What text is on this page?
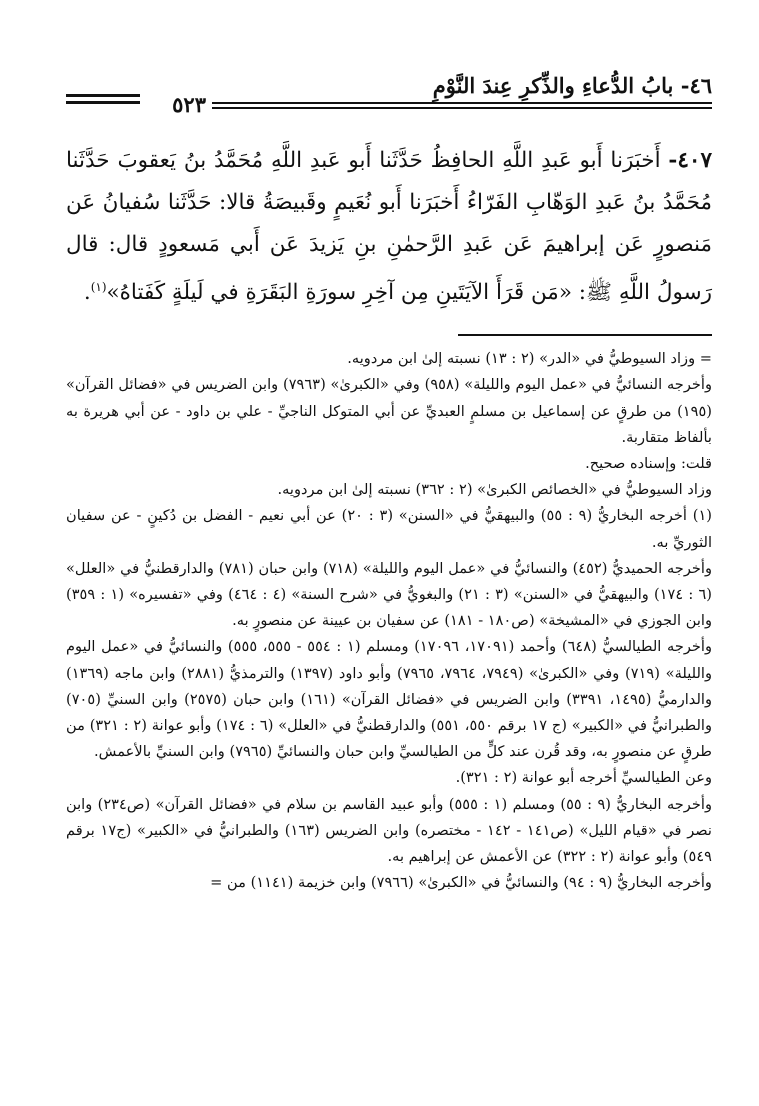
٤٦- بابُ الدُّعاءِ والذِّكرِ عِندَ النَّوْمِ
٥٢٣
٤٠٧- أَخبَرَنا أَبو عَبدِ اللَّهِ الحافِظُ حَدَّثَنا أَبو عَبدِ اللَّهِ مُحَمَّدُ بنُ يَعقوبَ حَدَّثَنا مُحَمَّدُ بنُ عَبدِ الوَهّابِ الفَرّاءُ أَخبَرَنا أَبو نُعَيمٍ وقَبيصَةُ قالا: حَدَّثَنا سُفيانُ عَن مَنصورٍ عَن إبراهيمَ عَن عَبدِ الرَّحمٰنِ بنِ يَزيدَ عَن أَبي مَسعودٍ قال: قال رَسولُ اللَّهِ ﷺ: «مَن قَرَأَ الآيَتَينِ مِن آخِرِ سورَةِ البَقَرَةِ في لَيلَةٍ كَفَتاهُ»$^{(١)}$.

= وزاد السيوطيُّ في «الدر» (٢ : ١٣) نسبته إلىٰ ابن مردويه.

وأخرجه النسائيُّ في «عمل اليوم والليلة» (٩٥٨) وفي «الكبرىٰ» (٧٩٦٣) وابن الضريس في «فضائل القرآن» (١٩٥) من طرقٍ عن إسماعيل بن مسلمٍ العبديِّ عن أبي المتوكل الناجيِّ - علي بن داود - عن أبي هريرة به بألفاظ متقاربة.

قلت: وإسناده صحيح.

وزاد السيوطيُّ في «الخصائص الكبرىٰ» (٢ : ٣٦٢) نسبته إلىٰ ابن مردويه.

(١) أخرجه البخاريُّ (٩ : ٥٥) والبيهقيُّ في «السنن» (٣ : ٢٠) عن أبي نعيم - الفضل بن دُكينٍ - عن سفيان الثوريِّ به.

وأخرجه الحميديُّ (٤٥٢) والنسائيُّ في «عمل اليوم والليلة» (٧١٨) وابن حبان (٧٨١) والدارقطنيُّ في «العلل» (٦ : ١٧٤) والبيهقيُّ في «السنن» (٣ : ٢١) والبغويُّ في «شرح السنة» (٤ : ٤٦٤) وفي «تفسيره» (١ : ٣٥٩) وابن الجوزي في «المشيخة» (ص١٨٠ - ١٨١) عن سفيان بن عيينة عن منصورٍ به.

وأخرجه الطيالسيُّ (٦٤٨) وأحمد (١٧٠٩١، ١٧٠٩٦) ومسلم (١ : ٥٥٤ - ٥٥٥، ٥٥٥) والنسائيُّ في «عمل اليوم والليلة» (٧١٩) وفي «الكبرىٰ» (٧٩٤٩، ٧٩٦٤، ٧٩٦٥) وأبو داود (١٣٩٧) والترمذيُّ (٢٨٨١) وابن ماجه (١٣٦٩) والدارميُّ (١٤٩٥، ٣٣٩١) وابن الضريس في «فضائل القرآن» (١٦١) وابن حبان (٢٥٧٥) وابن السنيِّ (٧٠٥) والطبرانيُّ في «الكبير» (ج ١٧ برقم ٥٥٠، ٥٥١) والدارقطنيُّ في «العلل» (٦ : ١٧٤) وأبو عوانة (٢ : ٣٢١) من طرقٍ عن منصورٍ به، وقد قُرن عند كلٍّ من الطيالسيِّ وابن حبان والنسائيِّ (٧٩٦٥) وابن السنيِّ بالأعمش.

وعن الطيالسيِّ أخرجه أبو عوانة (٢ : ٣٢١).

وأخرجه البخاريُّ (٩ : ٥٥) ومسلم (١ : ٥٥٥) وأبو عبيد القاسم بن سلام في «فضائل القرآن» (ص٢٣٤) وابن نصر في «قيام الليل» (ص١٤١ - ١٤٢ - مختصره) وابن الضريس (١٦٣) والطبرانيُّ في «الكبير» (ج١٧ برقم ٥٤٩) وأبو عوانة (٢ : ٣٢٢) عن الأعمش عن إبراهيم به.

وأخرجه البخاريُّ (٩ : ٩٤) والنسائيُّ في «الكبرىٰ» (٧٩٦٦) وابن خزيمة (١١٤١) من =
